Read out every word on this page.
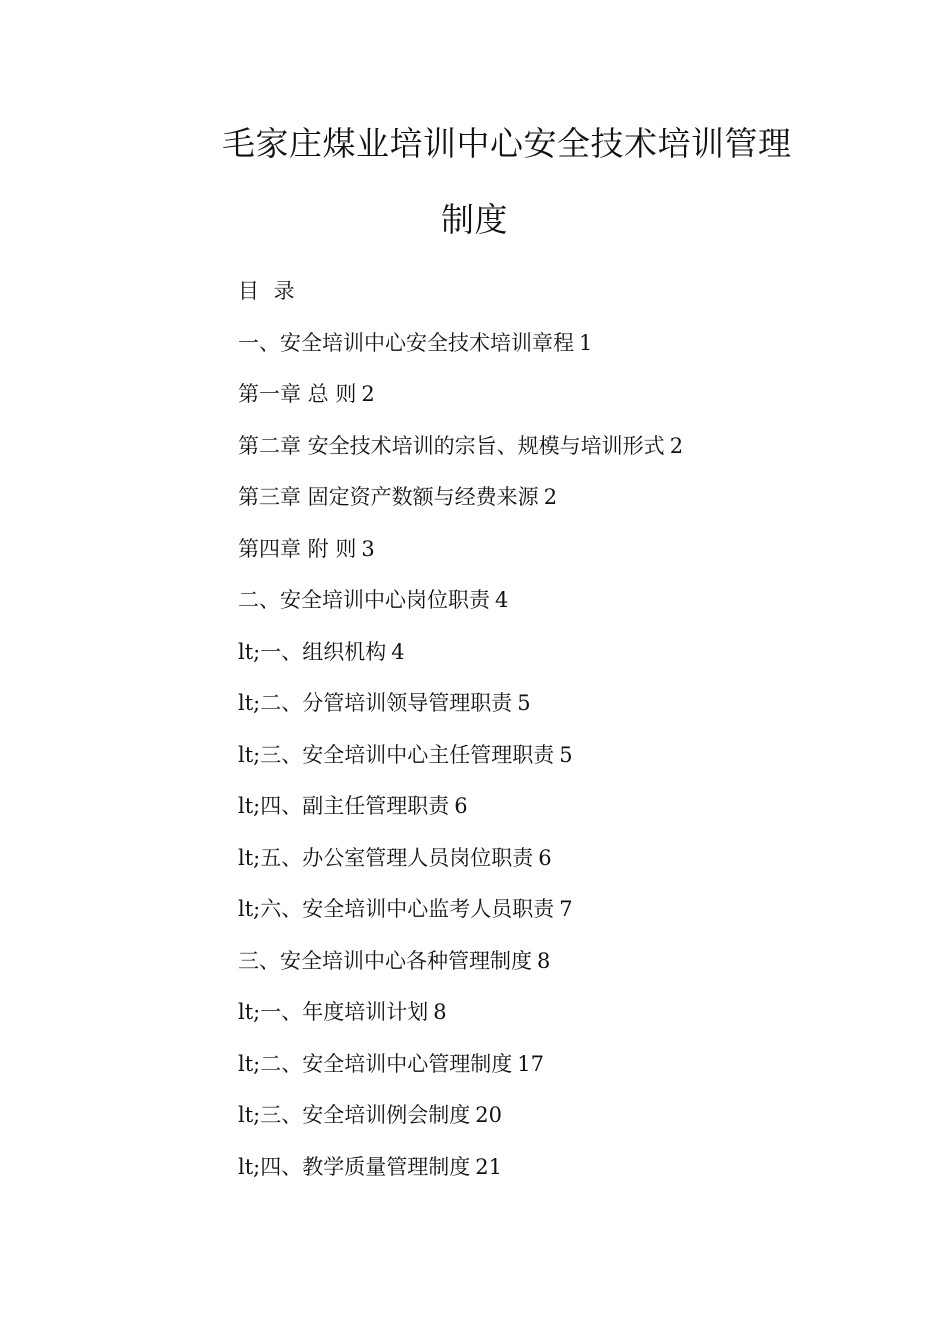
毛家庄煤业培训中心安全技术培训管理
制度
目 录
一、安全培训中心安全技术培训章程 1
第一章 总 则 2
第二章 安全技术培训的宗旨、规模与培训形式 2
第三章 固定资产数额与经费来源 2
第四章 附 则 3
二、安全培训中心岗位职责 4
lt;一、组织机构 4
lt;二、分管培训领导管理职责 5
lt;三、安全培训中心主任管理职责 5
lt;四、副主任管理职责 6
lt;五、办公室管理人员岗位职责 6
lt;六、安全培训中心监考人员职责 7
三、安全培训中心各种管理制度 8
lt;一、年度培训计划 8
lt;二、安全培训中心管理制度 17
lt;三、安全培训例会制度 20
lt;四、教学质量管理制度 21
